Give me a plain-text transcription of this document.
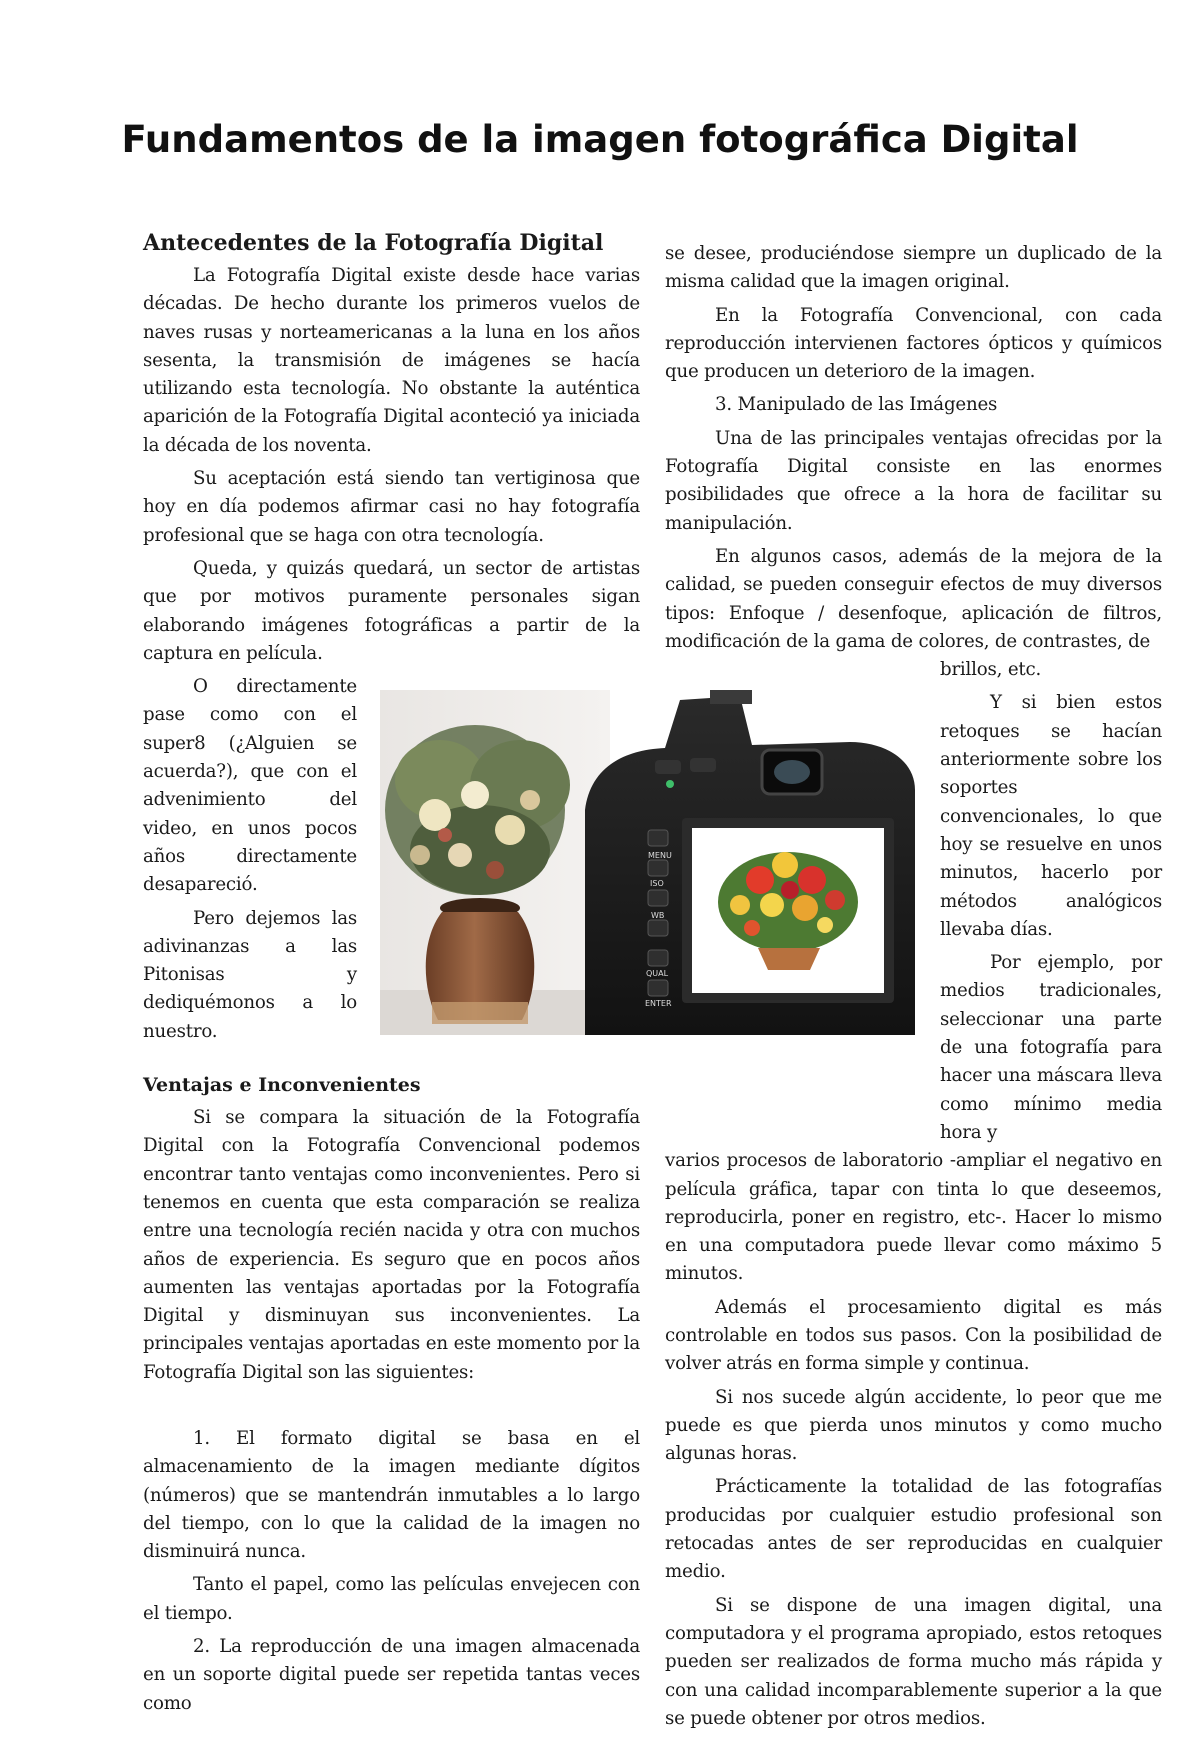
Fundamentos de la imagen fotográfica Digital
Antecedentes de la Fotografía Digital

La Fotografía Digital existe desde hace varias décadas. De hecho durante los primeros vuelos de naves rusas y norteamericanas a la luna en los años sesenta, la transmisión de imágenes se hacía utilizando esta tecnología. No obstante la auténtica aparición de la Fotografía Digital aconteció ya iniciada la década de los noventa.

Su aceptación está siendo tan vertiginosa que hoy en día podemos afirmar casi no hay fotografía profesional que se haga con otra tecnología.

Queda, y quizás quedará, un sector de artistas que por motivos puramente personales sigan elaborando imágenes fotográficas a partir de la captura en película.

O directamente pase como con el super8 (¿Alguien se acuerda?), que con el advenimiento del video, en unos pocos años directamente desapareció.

Pero dejemos las adivinanzas a las Pitonisas y dediquémonos a lo nuestro.

Ventajas e Inconvenientes

Si se compara la situación de la Fotografía Digital con la Fotografía Convencional podemos encontrar tanto ventajas como inconvenientes. Pero si tenemos en cuenta que esta comparación se realiza entre una tecnología recién nacida y otra con muchos años de experiencia. Es seguro que en pocos años aumenten las ventajas aportadas por la Fotografía Digital y disminuyan sus inconvenientes. La principales ventajas aportadas en este momento por la Fotografía Digital son las siguientes:

1. El formato digital se basa en el almacenamiento de la imagen mediante dígitos (números) que se mantendrán inmutables a lo largo del tiempo, con lo que la calidad de la imagen no disminuirá nunca.

Tanto el papel, como las películas envejecen con el tiempo.

2. La reproducción de una imagen almacenada en un soporte digital puede ser repetida tantas veces como

se desee, produciéndose siempre un duplicado de la misma calidad que la imagen original.

En la Fotografía Convencional, con cada reproducción intervienen factores ópticos y químicos que producen un deterioro de la imagen.

3. Manipulado de las Imágenes

Una de las principales ventajas ofrecidas por la Fotografía Digital consiste en las enormes posibilidades que ofrece a la hora de facilitar su manipulación.

En algunos casos, además de la mejora de la calidad, se pueden conseguir efectos de muy diversos tipos: Enfoque / desenfoque, aplicación de filtros, modificación de la gama de colores, de contrastes, de

brillos, etc.

Y si bien estos retoques se hacían anteriormente sobre los soportes convencionales, lo que hoy se resuelve en unos minutos, hacerlo por métodos analógicos llevaba días.

Por ejemplo, por medios tradicionales, seleccionar una parte de una fotografía para hacer una máscara lleva como mínimo media hora y

varios procesos de laboratorio -ampliar el negativo en película gráfica, tapar con tinta lo que deseemos, reproducirla, poner en registro, etc-. Hacer lo mismo en una computadora puede llevar como máximo 5 minutos.

Además el procesamiento digital es más controlable en todos sus pasos. Con la posibilidad de volver atrás en forma simple y continua.

Si nos sucede algún accidente, lo peor que me puede es que pierda unos minutos y como mucho algunas horas.

Prácticamente la totalidad de las fotografías producidas por cualquier estudio profesional son retocadas antes de ser reproducidas en cualquier medio.

Si se dispone de una imagen digital, una computadora y el programa apropiado, estos retoques pueden ser realizados de forma mucho más rápida y con una calidad incomparablemente superior a la que se puede obtener por otros medios.

MENU
ISO
WB
QUAL
ENTER
